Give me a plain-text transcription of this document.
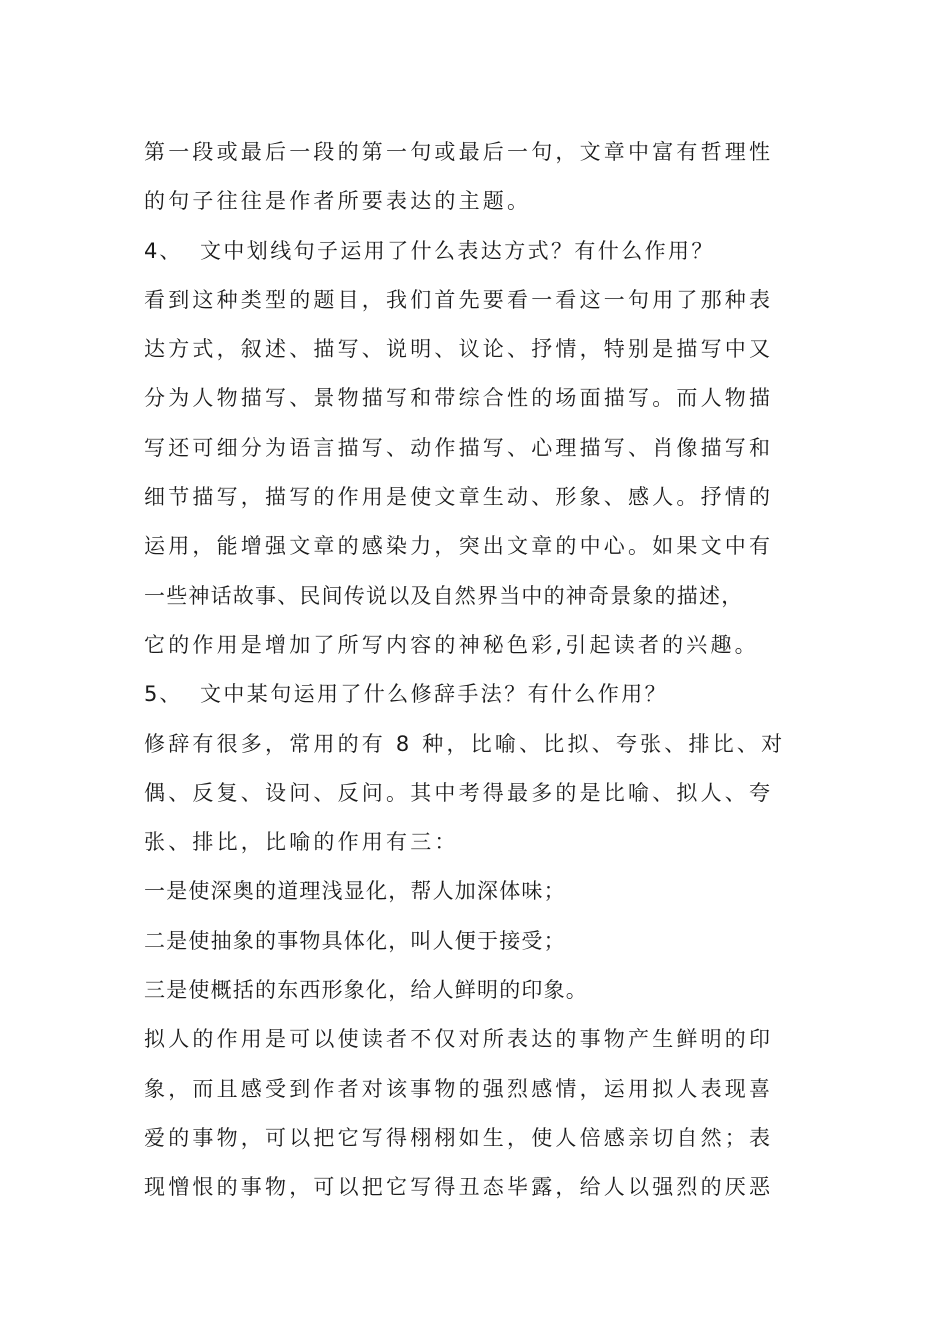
第一段或最后一段的第一句或最后一句，文章中富有哲理性
的句子往往是作者所要表达的主题。
4、 文中划线句子运用了什么表达方式？有什么作用？
看到这种类型的题目，我们首先要看一看这一句用了那种表
达方式，叙述、描写、说明、议论、抒情，特别是描写中又
分为人物描写、景物描写和带综合性的场面描写。而人物描
写还可细分为语言描写、动作描写、心理描写、肖像描写和
细节描写，描写的作用是使文章生动、形象、感人。抒情的
运用，能增强文章的感染力，突出文章的中心。如果文中有
一些神话故事、民间传说以及自然界当中的神奇景象的描述，
它的作用是增加了所写内容的神秘色彩,引起读者的兴趣。
5、 文中某句运用了什么修辞手法？有什么作用？
修辞有很多，常用的有 8 种，比喻、比拟、夸张、排比、对
偶、反复、设问、反问。其中考得最多的是比喻、拟人、夸
张、排比，比喻的作用有三：
一是使深奥的道理浅显化，帮人加深体味；
二是使抽象的事物具体化，叫人便于接受；
三是使概括的东西形象化，给人鲜明的印象。
拟人的作用是可以使读者不仅对所表达的事物产生鲜明的印
象，而且感受到作者对该事物的强烈感情，运用拟人表现喜
爱的事物，可以把它写得栩栩如生，使人倍感亲切自然；表
现憎恨的事物，可以把它写得丑态毕露，给人以强烈的厌恶
